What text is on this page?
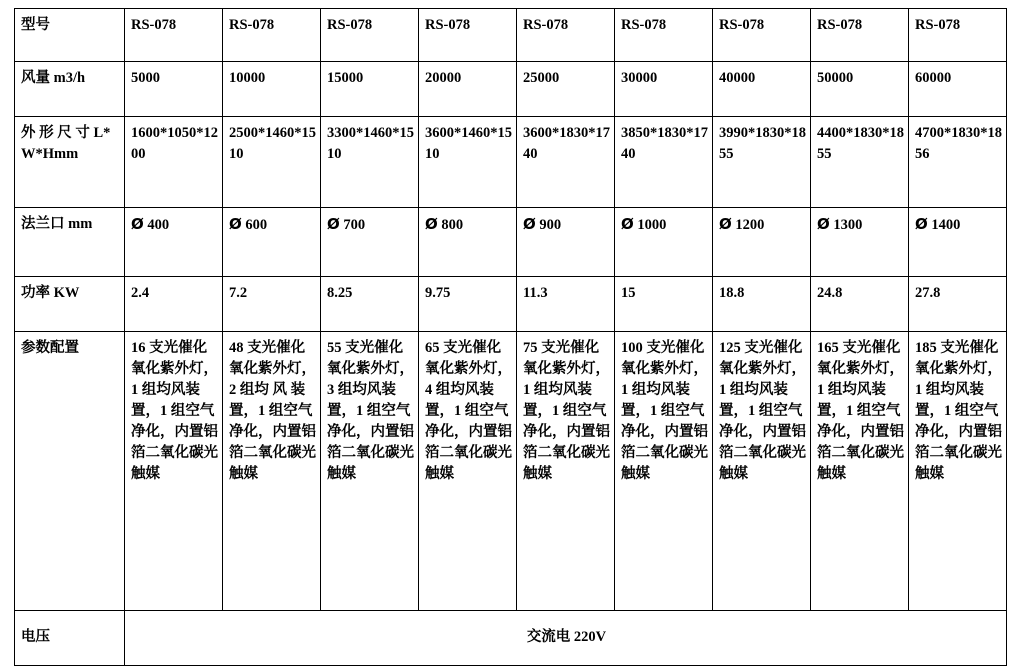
型号	RS-078	RS-078	RS-078	RS-078	RS-078	RS-078	RS-078	RS-078	RS-078
风量 m3/h	5000	10000	15000	20000	25000	30000	40000	50000	60000
外 形 尺 寸 L*W*Hmm	1600*1050*1200	2500*1460*1510	3300*1460*1510	3600*1460*1510	3600*1830*1740	3850*1830*1740	3990*1830*1855	4400*1830*1855	4700*1830*1856
法兰口 mm	Ø 400	Ø 600	Ø 700	Ø 800	Ø 900	Ø 1000	Ø 1200	Ø 1300	Ø 1400
功率 KW	2.4	7.2	8.25	9.75	11.3	15	18.8	24.8	27.8
参数配置	16 支光催化氧化紫外灯，1 组均风装置，1 组空气净化，内置铝箔二氧化碳光触媒	48 支光催化氧化紫外灯，2 组均 风 装 置，1 组空气净化，内置铝箔二氧化碳光触媒	55 支光催化氧化紫外灯，3 组均风装置，1 组空气净化，内置铝箔二氧化碳光触媒	65 支光催化氧化紫外灯，4 组均风装置，1 组空气净化，内置铝箔二氧化碳光触媒	75 支光催化氧化紫外灯，1 组均风装置，1 组空气净化，内置铝箔二氧化碳光触媒	100 支光催化氧化紫外灯，1 组均风装置，1 组空气净化，内置铝箔二氧化碳光触媒	125 支光催化氧化紫外灯，1 组均风装置，1 组空气净化，内置铝箔二氧化碳光触媒	165 支光催化氧化紫外灯，1 组均风装置，1 组空气净化，内置铝箔二氧化碳光触媒	185 支光催化氧化紫外灯，1 组均风装置，1 组空气净化，内置铝箔二氧化碳光触媒
电压	交流电 220V								
